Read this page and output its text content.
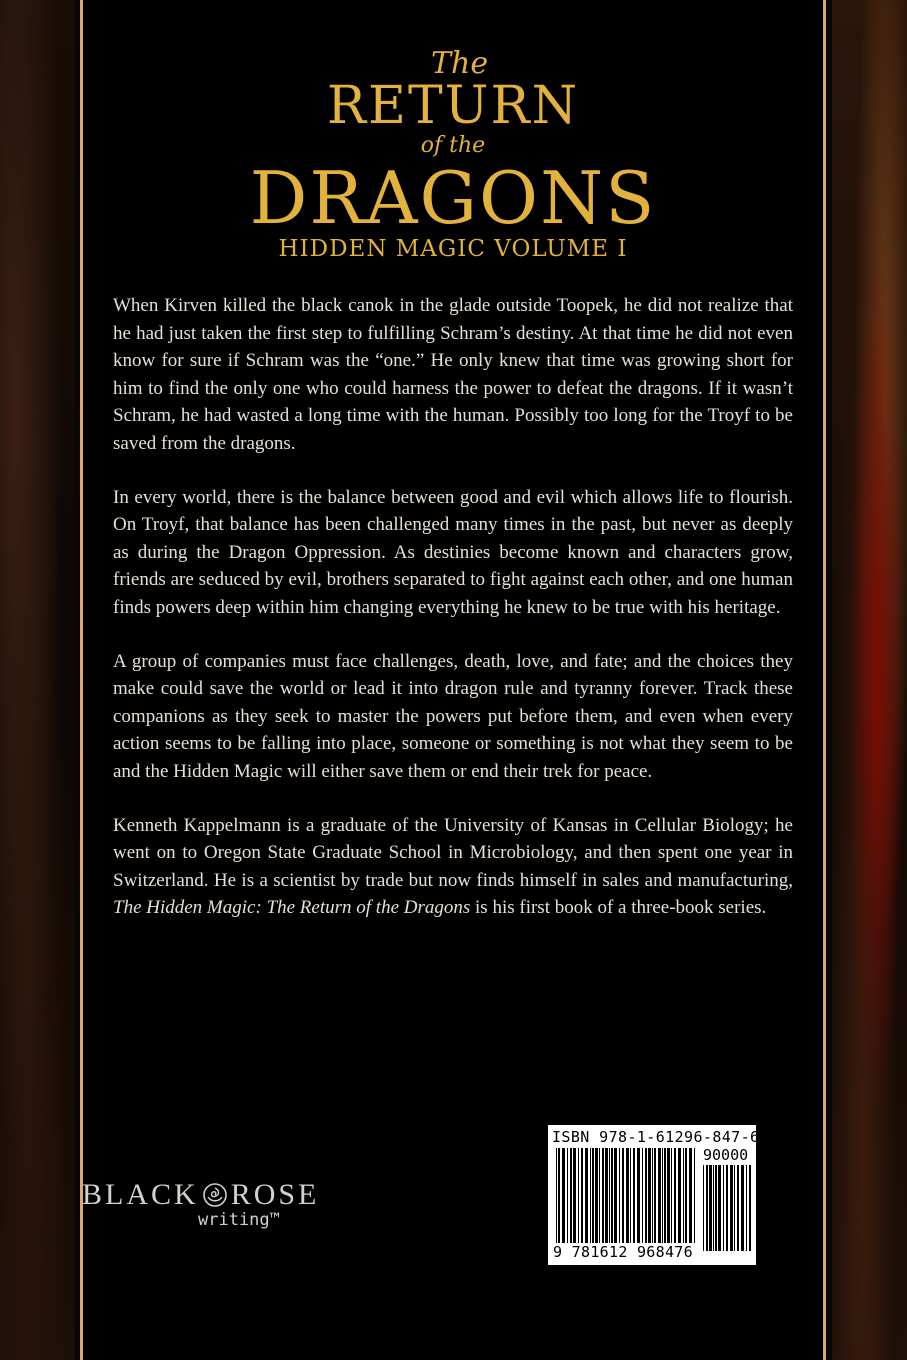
The
RETURN
of the
DRAGONS
HIDDEN MAGIC VOLUME I

When Kirven killed the black canok in the glade outside Toopek, he did not realize that he had just taken the first step to fulfilling Schram’s destiny. At that time he did not even know for sure if Schram was the “one.” He only knew that time was growing short for him to find the only one who could harness the power to defeat the dragons. If it wasn’t Schram, he had wasted a long time with the human. Possibly too long for the Troyf to be saved from the dragons.

In every world, there is the balance between good and evil which allows life to flourish. On Troyf, that balance has been challenged many times in the past, but never as deeply as during the Dragon Oppression. As destinies become known and characters grow, friends are seduced by evil, brothers separated to fight against each other, and one human finds powers deep within him changing everything he knew to be true with his heritage.

A group of companies must face challenges, death, love, and fate; and the choices they make could save the world or lead it into dragon rule and tyranny forever. Track these companions as they seek to master the powers put before them, and even when every action seems to be falling into place, someone or something is not what they seem to be and the Hidden Magic will either save them or end their trek for peace.

Kenneth Kappelmann is a graduate of the University of Kansas in Cellular Biology; he went on to Oregon State Graduate School in Microbiology, and then spent one year in Switzerland. He is a scientist by trade but now finds himself in sales and manufacturing, The Hidden Magic: The Return of the Dragons is his first book of a three-book series.

BLACK ROSE
writing™
ISBN 978-1-61296-847-6
90000
9 781612 968476
